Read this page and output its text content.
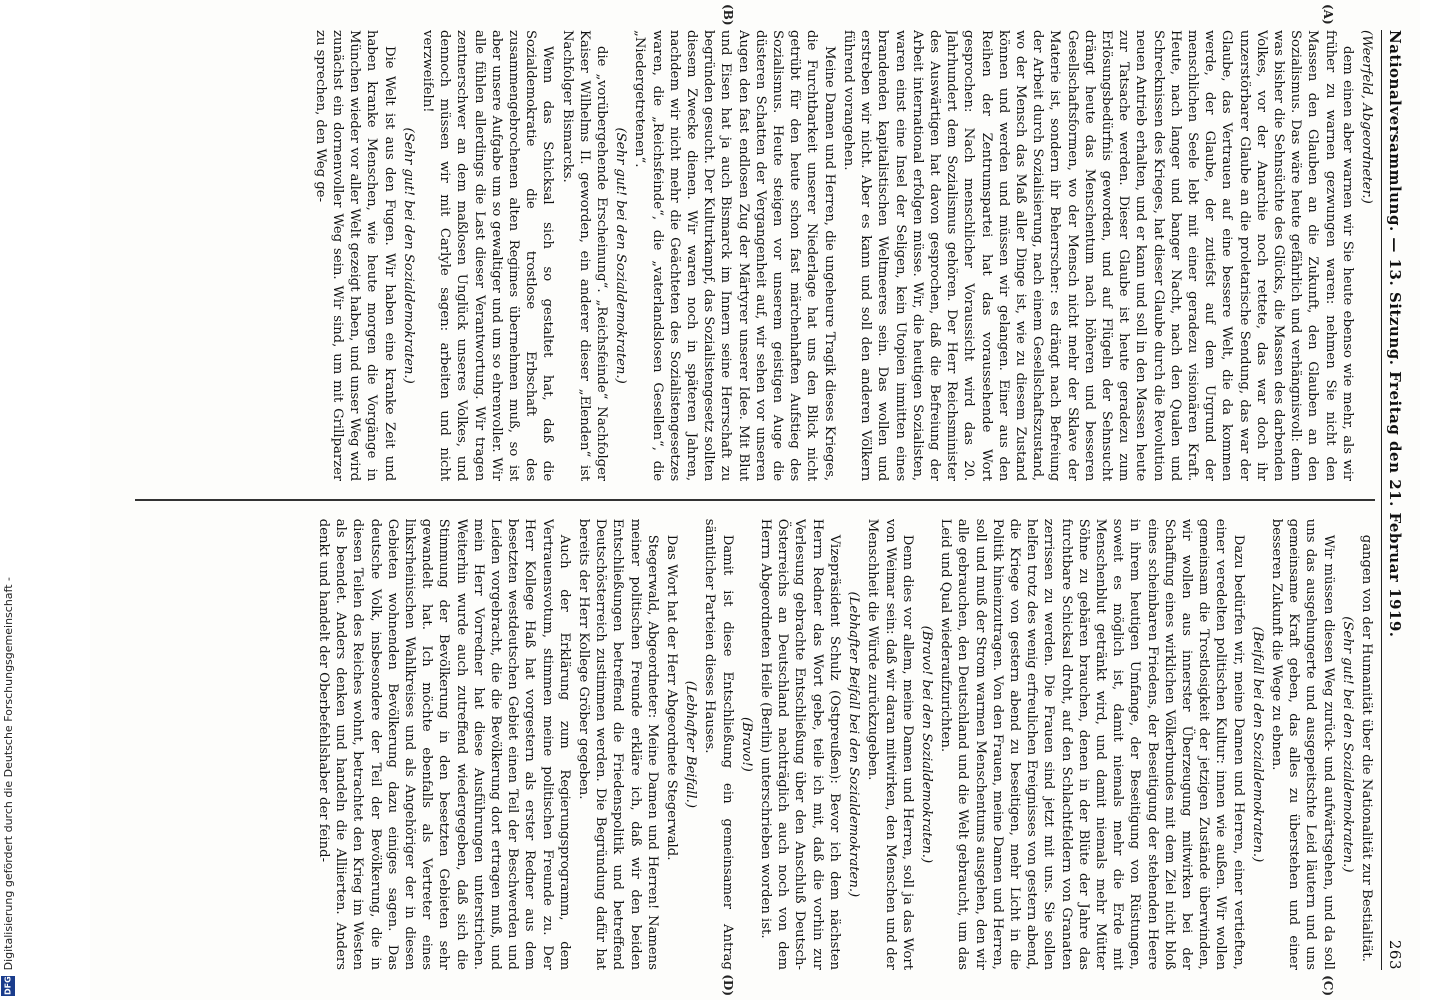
Nationalversammlung. — 13. Sitzung. Freitag den 21. Februar 1919.
263
(A)
(B)
(C)
(D)

(Weerfeld, Abgeordneter.)

dem einen aber warnen wir Sie heute ebenso wie mehr, als wir früher zu warnen gezwungen waren: nehmen Sie nicht den Massen den Glauben an die Zukunft, den Glauben an den Sozialismus. Das wäre heute gefährlich und verhängnisvoll: denn was bisher die Sehnsüchte des Glücks, die Massen des darbenden Volkes, vor der Anarchie noch rettete, das war doch ihr unzerstörbarer Glaube an die proletarische Sendung, das war der Glaube, das Vertrauen auf eine bessere Welt, die da kommen werde, der Glaube, der zutiefst auf dem Urgrund der menschlichen Seele lebt mit einer geradezu visionären Kraft. Heute, nach langer und banger Nacht, nach den Qualen und Schrecknissen des Krieges, hat dieser Glaube durch die Revolution neuen Antrieb erhalten, und er kann und soll in den Massen heute zur Tatsache werden. Dieser Glaube ist heute geradezu zum Erlösungsbedürfnis geworden, und auf Flügeln der Sehnsucht drängt heute das Menschentum nach höheren und besseren Gesellschaftsformen, wo der Mensch nicht mehr der Sklave der Materie ist, sondern ihr Beherrscher: es drängt nach Befreiung der Arbeit durch Sozialisierung, nach einem Gesellschaftszustand, wo der Mensch das Maß aller Dinge ist, wie zu diesem Zustand können und werden und müssen wir gelangen. Einer aus den Reihen der Zentrumspartei hat das voraussehende Wort gesprochen: Nach menschlicher Voraussicht wird das 20. Jahrhundert dem Sozialismus gehören. Der Herr Reichsminister des Auswärtigen hat davon gesprochen, daß die Befreiung der Arbeit international erfolgen müsse. Wir, die heutigen Sozialisten, waren einst eine Insel der Seligen, kein Utopien inmitten eines brandenden kapitalistischen Weltmeeres sein. Das wollen und erstreben wir nicht. Aber es kann und soll den anderen Völkern führend vorangehen.

Meine Damen und Herren, die ungeheure Tragik dieses Krieges, die Furchtbarkeit unserer Niederlage hat uns den Blick nicht getrübt für den heute schon fast märchenhaften Aufstieg des Sozialismus. Heute steigen vor unserem geistigen Auge die düsteren Schatten der Vergangenheit auf, wir sehen vor unseren Augen den fast endlosen Zug der Märtyrer unserer Idee. Mit Blut und Eisen hat ja auch Bismarck im Innern seine Herrschaft zu begründen gesucht. Der Kulturkampf, das Sozialistengesetz sollten diesem Zwecke dienen. Wir waren noch in späteren Jahren, nachdem wir nicht mehr die Geächteten des Sozialistengesetzes waren, die „Reichsfeinde“, die „vaterlandslosen Gesellen“, die „Niedergetretenen“.

(Sehr gut! bei den Sozialdemokraten.)

die „vorübergehende Erscheinung“. „Reichsfeinde“ Nachfolger Kaiser Wilhelms II. geworden, ein anderer dieser „Elenden“ ist Nachfolger Bismarcks.

Wenn das Schicksal sich so gestaltet hat, daß die Sozialdemokratie die trostlose Erbschaft des zusammengebrochenen alten Regimes übernehmen muß, so ist aber unsere Aufgabe um so gewaltiger und um so ehrenvoller. Wir alle fühlen allerdings die Last dieser Verantwortung. Wir tragen zentnerschwer an dem maßlosen Unglück unseres Volkes, und dennoch müssen wir mit Carlyle sagen: arbeiten und nicht verzweifeln!

(Sehr gut! bei den Sozialdemokraten.)

Die Welt ist aus den Fugen. Wir haben eine kranke Zeit und haben kranke Menschen, wie heute morgen die Vorgänge in München wieder vor aller Welt gezeigt haben, und unser Weg wird zunächst ein dornenvoller Weg sein. Wir sind, um mit Grillparzer zu sprechen, den Weg ge-

gangen von der Humanität über die Nationalität zur Bestialität.

(Sehr gut! bei den Sozialdemokraten.)

Wir müssen diesen Weg zurück- und aufwärtsgehen, und da soll uns das ausgehungerte und ausgepeitschte Leid läutern und uns gemeinsame Kraft geben, das alles zu überstehen und einer besseren Zukunft die Wege zu ebnen.

(Beifall bei den Sozialdemokraten.)

Dazu bedürfen wir, meine Damen und Herren, einer vertieften, einer veredelten politischen Kultur: innen wie außen. Wir wollen gemeinsam die Trostlosigkeit der jetzigen Zustände überwinden, wir wollen aus innerster Überzeugung mitwirken bei der Schaffung eines wirklichen Völkerbundes mit dem Ziel nicht bloß eines scheinbaren Friedens, der Beseitigung der stehenden Heere in ihrem heutigen Umfange, der Beseitigung von Rüstungen, soweit es möglich ist, damit niemals mehr die Erde mit Menschenblut getränkt wird, und damit niemals mehr Mütter Söhne zu gebären brauchen, denen in der Blüte der Jahre das furchtbare Schicksal droht, auf den Schlachtfeldern von Granaten zerrissen zu werden. Die Frauen sind jetzt mit uns. Sie sollen helfen trotz des wenig erfreulichen Ereignisses von gestern abend, die Kriege von gestern abend zu beseitigen, mehr Licht in die Politik hineinzutragen. Von den Frauen, meine Damen und Herren, soll und muß der Strom warmen Menschentums ausgehen, den wir alle gebrauchen, den Deutschland und die Welt gebraucht, um das Leid und Qual wiederaufzurichten.

(Bravo! bei den Sozialdemokraten.)

Denn dies vor allem, meine Damen und Herren, soll ja das Wort von Weimar sein: daß wir daran mitwirken, den Menschen und der Menschheit die Würde zurückzugeben.

(Lebhafter Beifall bei den Sozialdemokraten.)

Vizepräsident Schulz (Ostpreußen): Bevor ich dem nächsten Herrn Redner das Wort gebe, teile ich mit, daß die vorhin zur Verlesung gebrachte Entschließung über den Anschluß Deutsch-Österreichs an Deutschland nachträglich auch noch von dem Herrn Abgeordneten Heile (Berlin) unterschrieben worden ist.

(Bravo!)

Damit ist diese Entschließung ein gemeinsamer Antrag sämtlicher Parteien dieses Hauses.

(Lebhafter Beifall.)

Das Wort hat der Herr Abgeordnete Stegerwald.

Stegerwald, Abgeordneter: Meine Damen und Herren! Namens meiner politischen Freunde erkläre ich, daß wir den beiden Entschließungen betreffend die Friedenspolitik und betreffend Deutschösterreich zustimmen werden. Die Begründung dafür hat bereits der Herr Kollege Gröber gegeben.

Auch der Erklärung zum Regierungsprogramm, dem Vertrauensvotum, stimmen meine politischen Freunde zu. Der Herr Kollege Haß hat vorgestern als erster Redner aus dem besetzten westdeutschen Gebiet einen Teil der Beschwerden und Leiden vorgebracht, die die Bevölkerung dort ertragen muß, und mein Herr Vorredner hat diese Ausführungen unterstrichen. Weiterhin wurde auch zutreffend wiedergegeben, daß sich die Stimmung der Bevölkerung in den besetzten Gebieten sehr gewandelt hat. Ich möchte ebenfalls als Vertreter eines linksrheinischen Wahlkreises und als Angehöriger der in diesen Gebieten wohnenden Bevölkerung dazu einiges sagen. Das deutsche Volk, insbesondere der Teil der Bevölkerung, die in diesen Teilen des Reiches wohnt, betrachtet den Krieg im Westen als beendet. Anders denken und handeln die Alliierten. Anders denkt und handelt der Oberbefehlshaber der feind-

Digitalisierung gefördert durch die Deutsche Forschungsgemeinschaft -
DFG
